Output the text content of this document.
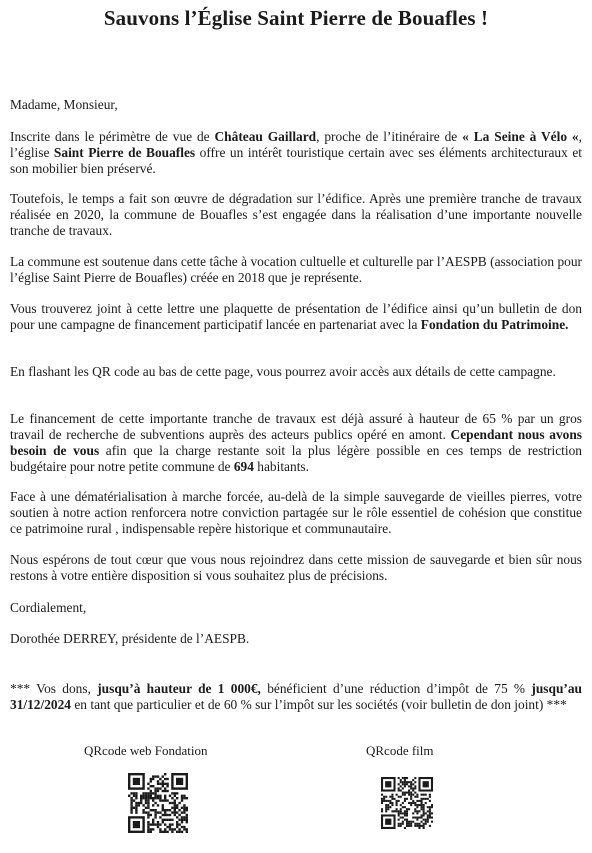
Sauvons l’Église Saint Pierre de Bouafles !

Madame, Monsieur,

Inscrite dans le périmètre de vue de Château Gaillard, proche de l’itinéraire de « La Seine à Vélo «, l’église Saint Pierre de Bouafles offre un intérêt touristique certain avec ses éléments architecturaux et son mobilier bien préservé.

Toutefois, le temps a fait son œuvre de dégradation sur l’édifice. Après une première tranche de travaux réalisée en 2020, la commune de Bouafles s’est engagée dans la réalisation d’une importante nouvelle tranche de travaux.

La commune est soutenue dans cette tâche à vocation cultuelle et culturelle par l’AESPB (association pour l’église Saint Pierre de Bouafles) créée en 2018 que je représente.

Vous trouverez joint à cette lettre une plaquette de présentation de l’édifice ainsi qu’un bulletin de don pour une campagne de financement participatif lancée en partenariat avec la Fondation du Patrimoine.

En flashant les QR code au bas de cette page, vous pourrez avoir accès aux détails de cette campagne.

Le financement de cette importante tranche de travaux est déjà assuré à hauteur de 65 % par un gros travail de recherche de subventions auprès des acteurs publics opéré en amont. Cependant nous avons besoin de vous afin que la charge restante soit la plus légère possible en ces temps de restriction budgétaire pour notre petite commune de 694 habitants.

Face à une dématérialisation à marche forcée, au-delà de la simple sauvegarde de vieilles pierres, votre soutien à notre action renforcera notre conviction partagée sur le rôle essentiel de cohésion que constitue ce patrimoine rural , indispensable repère historique et communautaire.

Nous espérons de tout cœur que vous nous rejoindrez dans cette mission de sauvegarde et bien sûr nous restons à votre entière disposition si vous souhaitez plus de précisions.

Cordialement,

Dorothée DERREY, présidente de l’AESPB.

*** Vos dons, jusqu’à hauteur de 1 000€, bénéficient d’une réduction d’impôt de 75 % jusqu’au 31/12/2024 en tant que particulier et de 60 % sur l’impôt sur les sociétés (voir bulletin de don joint) ***

QRcode web Fondation	QRcode film
